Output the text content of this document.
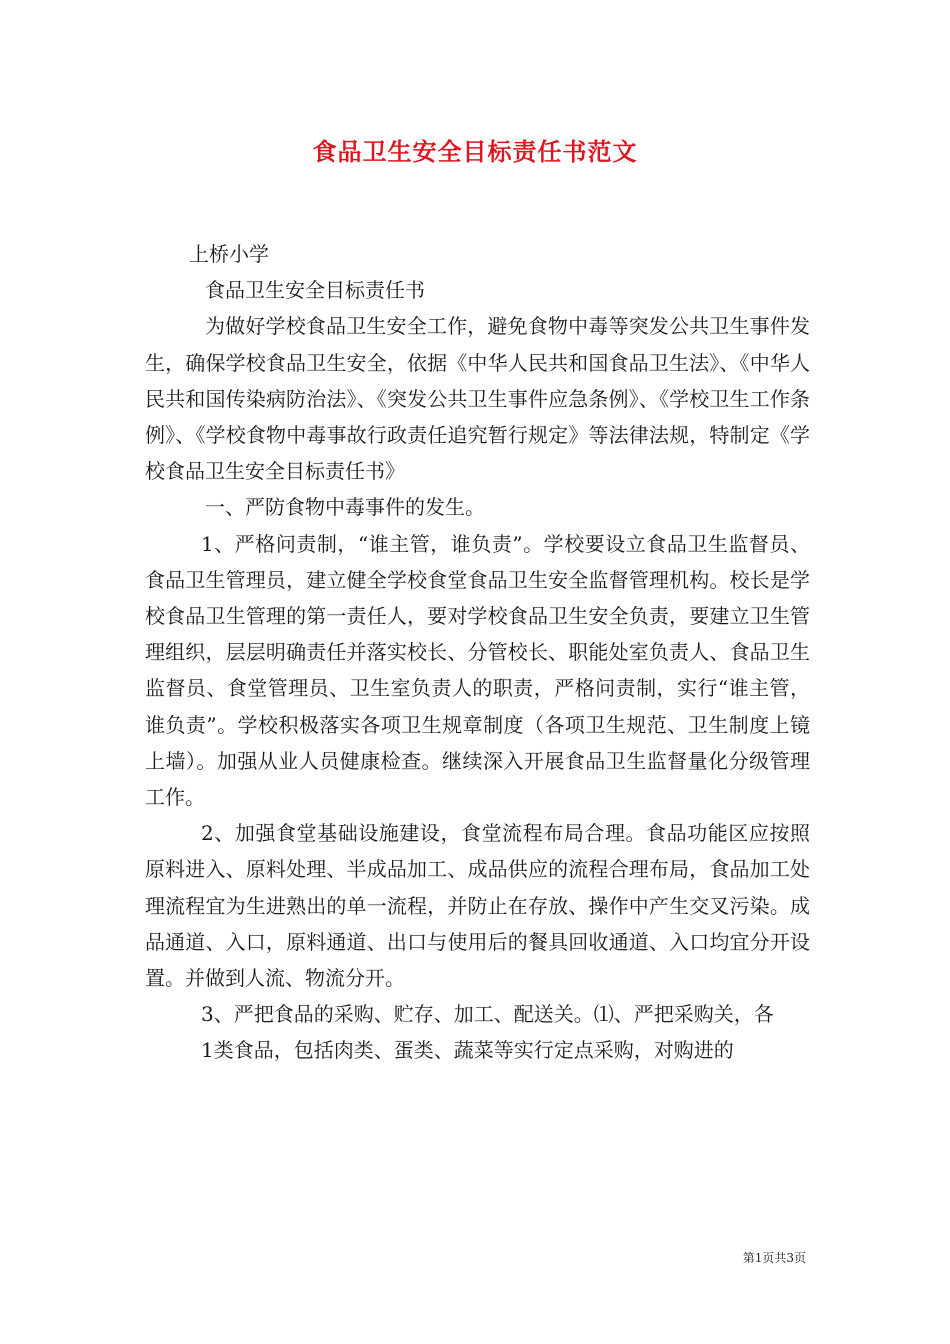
食品卫生安全目标责任书范文

上桥小学

食品卫生安全目标责任书

为做好学校食品卫生安全工作，避免食物中毒等突发公共卫生事件发生，确保学校食品卫生安全，依据《中华人民共和国食品卫生法》、《中华人民共和国传染病防治法》、《突发公共卫生事件应急条例》、《学校卫生工作条例》、《学校食物中毒事故行政责任追究暂行规定》等法律法规，特制定《学校食品卫生安全目标责任书》

一、严防食物中毒事件的发生。

1、严格问责制，“谁主管，谁负责”。学校要设立食品卫生监督员、食品卫生管理员，建立健全学校食堂食品卫生安全监督管理机构。校长是学校食品卫生管理的第一责任人，要对学校食品卫生安全负责，要建立卫生管理组织，层层明确责任并落实校长、分管校长、职能处室负责人、食品卫生监督员、食堂管理员、卫生室负责人的职责，严格问责制，实行“谁主管，谁负责”。学校积极落实各项卫生规章制度（各项卫生规范、卫生制度上镜上墙）。加强从业人员健康检查。继续深入开展食品卫生监督量化分级管理工作。

2、加强食堂基础设施建设，食堂流程布局合理。食品功能区应按照原料进入、原料处理、半成品加工、成品供应的流程合理布局，食品加工处理流程宜为生进熟出的单一流程，并防止在存放、操作中产生交叉污染。成品通道、入口，原料通道、出口与使用后的餐具回收通道、入口均宜分开设置。并做到人流、物流分开。

3、严把食品的采购、贮存、加工、配送关。⑴、严把采购关，各

1类食品，包括肉类、蛋类、蔬菜等实行定点采购，对购进的

第1页共3页
